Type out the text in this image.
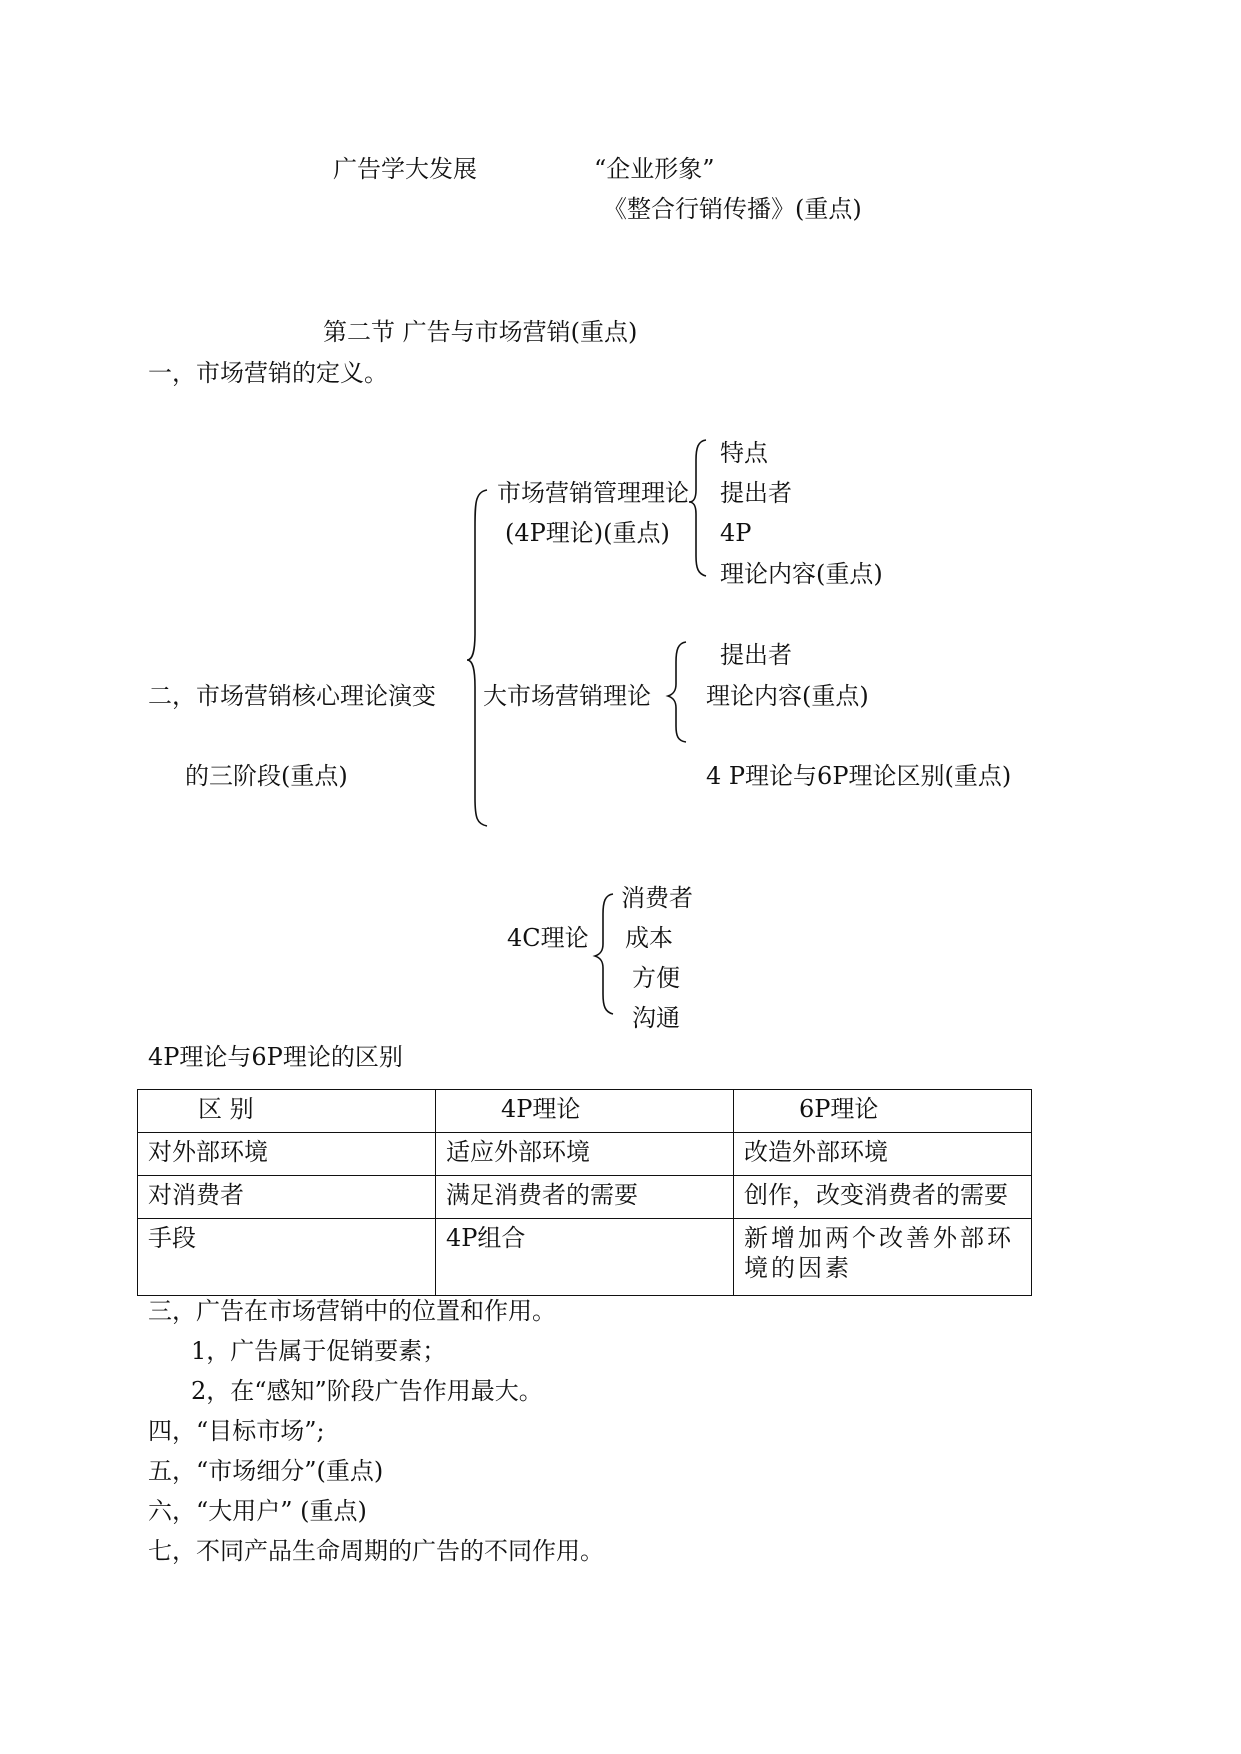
广告学大发展	“企业形象”
《整合行销传播》(重点)
第二节 广告与市场营销(重点)
一，市场营销的定义。
二，市场营销核心理论演变
的三阶段(重点)
市场营销管理理论
(4P理论)(重点)
特点
提出者
4P
理论内容(重点)
大市场营销理论
提出者
理论内容(重点)
4 P理论与6P理论区别(重点)
4C理论
消费者
成本
方便
沟通
4P理论与6P理论的区别
区 别	4P理论	6P理论
对外部环境	适应外部环境	改造外部环境
对消费者	满足消费者的需要	创作，改变消费者的需要
手段	4P组合	新增加两个改善外部环境的因素
三，广告在市场营销中的位置和作用。
1，广告属于促销要素；
2，在“感知”阶段广告作用最大。
四，“目标市场”;
五，“市场细分”(重点)
六，“大用户” (重点)
七，不同产品生命周期的广告的不同作用。
